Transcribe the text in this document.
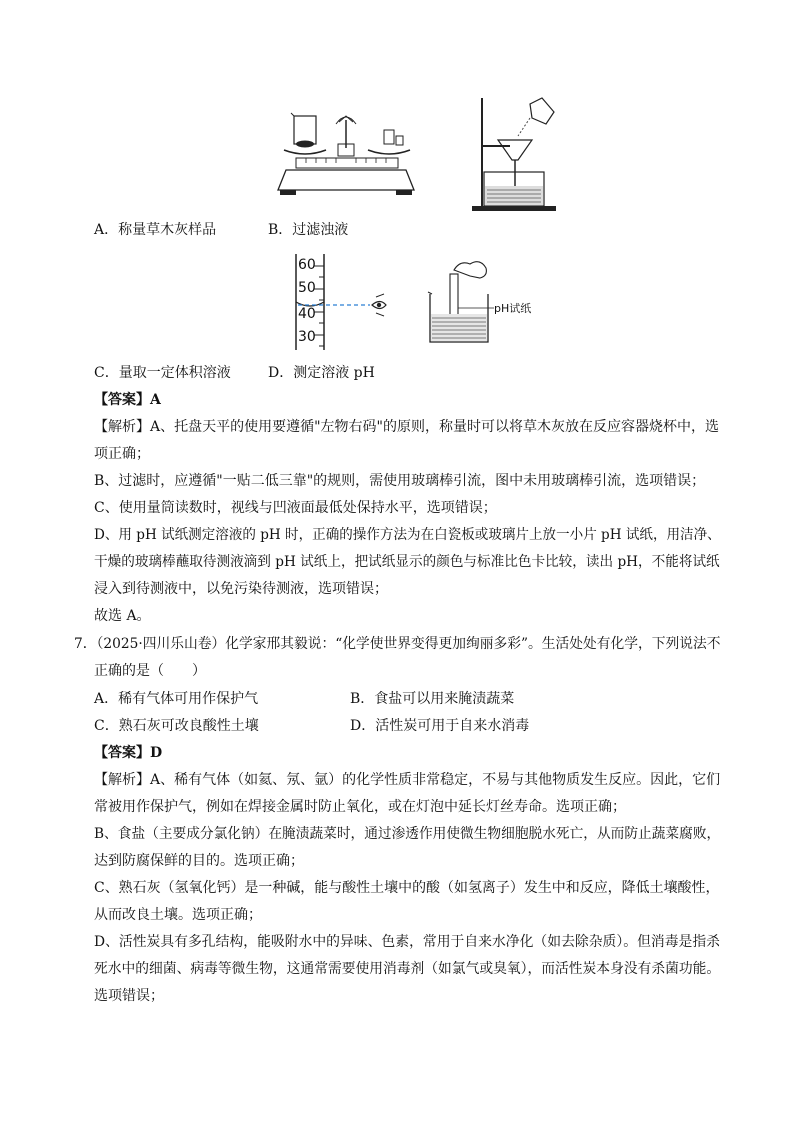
A．称量草木灰样品	B．过滤浊液
60
50
40
30
pH试纸
C．量取一定体积溶液	D．测定溶液 pH
【答案】A
【解析】A、托盘天平的使用要遵循"左物右码"的原则，称量时可以将草木灰放在反应容器烧杯中，选
项正确；
B、过滤时，应遵循"一贴二低三靠"的规则，需使用玻璃棒引流，图中未用玻璃棒引流，选项错误；
C、使用量筒读数时，视线与凹液面最低处保持水平，选项错误；
D、用 pH 试纸测定溶液的 pH 时，正确的操作方法为在白瓷板或玻璃片上放一小片 pH 试纸，用洁净、
干燥的玻璃棒蘸取待测液滴到 pH 试纸上，把试纸显示的颜色与标准比色卡比较，读出 pH，不能将试纸
浸入到待测液中，以免污染待测液，选项错误；
故选 A。
7．（2025·四川乐山卷）化学家邢其毅说：“化学使世界变得更加绚丽多彩”。生活处处有化学，下列说法不
正确的是（　　）
A．稀有气体可用作保护气	B．食盐可以用来腌渍蔬菜
C．熟石灰可改良酸性土壤	D．活性炭可用于自来水消毒
【答案】D
【解析】A、稀有气体（如氦、氖、氩）的化学性质非常稳定，不易与其他物质发生反应。因此，它们
常被用作保护气，例如在焊接金属时防止氧化，或在灯泡中延长灯丝寿命。选项正确；
B、食盐（主要成分氯化钠）在腌渍蔬菜时，通过渗透作用使微生物细胞脱水死亡，从而防止蔬菜腐败，
达到防腐保鲜的目的。选项正确；
C、熟石灰（氢氧化钙）是一种碱，能与酸性土壤中的酸（如氢离子）发生中和反应，降低土壤酸性，
从而改良土壤。选项正确；
D、活性炭具有多孔结构，能吸附水中的异味、色素，常用于自来水净化（如去除杂质）。但消毒是指杀
死水中的细菌、病毒等微生物，这通常需要使用消毒剂（如氯气或臭氧），而活性炭本身没有杀菌功能。
选项错误；
